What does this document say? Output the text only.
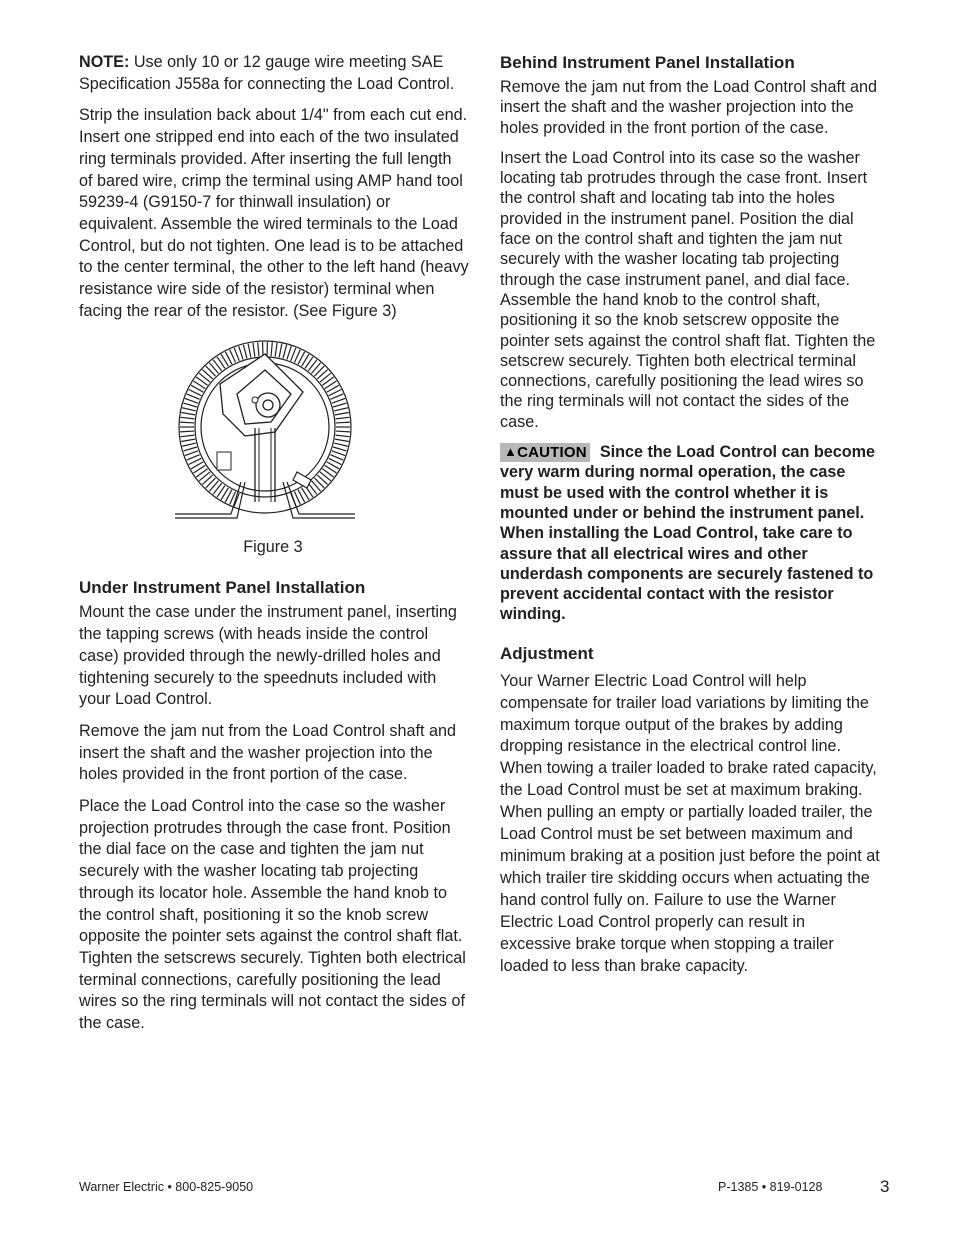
NOTE: Use only 10 or 12 gauge wire meeting SAE Specification J558a for connecting the Load Control.

Strip the insulation back about 1/4" from each cut end. Insert one stripped end into each of the two insulated ring terminals provided. After inserting the full length of bared wire, crimp the terminal using AMP hand tool 59239-4 (G9150-7 for thinwall insulation) or equivalent. Assemble the wired terminals to the Load Control, but do not tighten. One lead is to be attached to the center terminal, the other to the left hand (heavy resistance wire side of the resistor) terminal when facing the rear of the resistor. (See Figure 3)

Figure 3
Under Instrument Panel Installation

Mount the case under the instrument panel, inserting the tapping screws (with heads inside the control case) provided through the newly-drilled holes and tightening securely to the speednuts included with your Load Control.

Remove the jam nut from the Load Control shaft and insert the shaft and the washer projection into the holes provided in the front portion of the case.

Place the Load Control into the case so the washer projection protrudes through the case front. Position the dial face on the case and tighten the jam nut securely with the washer locating tab projecting through its locator hole. Assemble the hand knob to the control shaft, positioning it so the knob screw opposite the pointer sets against the control shaft flat. Tighten the setscrews securely. Tighten both electrical terminal connections, carefully positioning the lead wires so the ring terminals will not contact the sides of the case.

Behind Instrument Panel Installation

Remove the jam nut from the Load Control shaft and insert the shaft and the washer projection into the holes provided in the front portion of the case.

Insert the Load Control into its case so the washer locating tab protrudes through the case front. Insert the control shaft and locating tab into the holes provided in the instrument panel. Position the dial face on the control shaft and tighten the jam nut securely with the washer locating tab projecting through the case instrument panel, and dial face. Assemble the hand knob to the control shaft, positioning it so the knob setscrew opposite the pointer sets against the control shaft flat. Tighten the setscrew securely. Tighten both electrical terminal connections, carefully positioning the lead wires so the ring terminals will not contact the sides of the case.

▲CAUTION Since the Load Control can become very warm during normal operation, the case must be used with the control whether it is mounted under or behind the instrument panel. When installing the Load Control, take care to assure that all electrical wires and other underdash components are securely fastened to prevent accidental contact with the resistor winding.

Adjustment

Your Warner Electric Load Control will help compensate for trailer load variations by limiting the maximum torque output of the brakes by adding dropping resistance in the electrical control line. When towing a trailer loaded to brake rated capacity, the Load Control must be set at maximum braking. When pulling an empty or partially loaded trailer, the Load Control must be set between maximum and minimum braking at a position just before the point at which trailer tire skidding occurs when actuating the hand control fully on. Failure to use the Warner Electric Load Control properly can result in excessive brake torque when stopping a trailer loaded to less than brake capacity.

Warner Electric • 800-825-9050	P-1385 • 819-0128	3
